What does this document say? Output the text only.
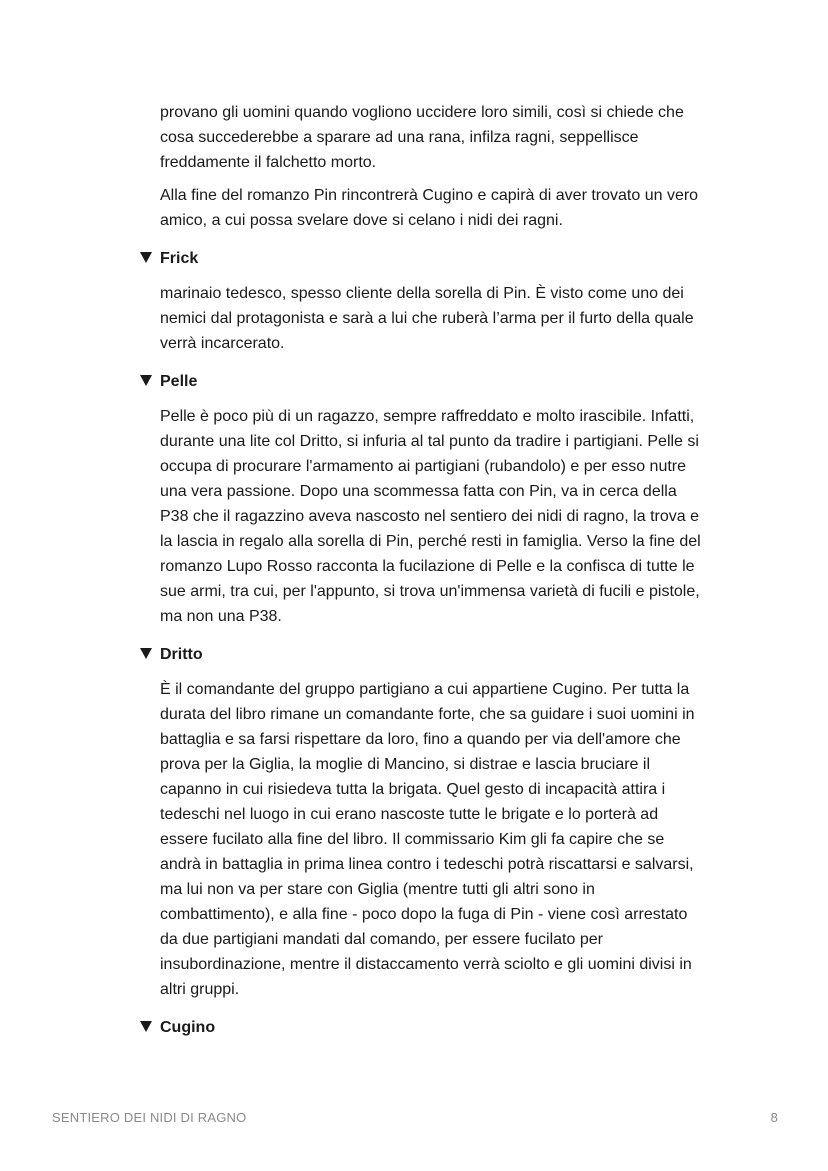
provano gli uomini quando vogliono uccidere loro simili, così si chiede che
cosa succederebbe a sparare ad una rana, infilza ragni, seppellisce
freddamente il falchetto morto.

Alla fine del romanzo Pin rincontrerà Cugino e capirà di aver trovato un vero
amico, a cui possa svelare dove si celano i nidi dei ragni.

Frick

marinaio tedesco, spesso cliente della sorella di Pin. È visto come uno dei
nemici dal protagonista e sarà a lui che ruberà l’arma per il furto della quale
verrà incarcerato.

Pelle

Pelle è poco più di un ragazzo, sempre raffreddato e molto irascibile. Infatti,
durante una lite col Dritto, si infuria al tal punto da tradire i partigiani. Pelle si
occupa di procurare l'armamento ai partigiani (rubandolo) e per esso nutre
una vera passione. Dopo una scommessa fatta con Pin, va in cerca della
P38 che il ragazzino aveva nascosto nel sentiero dei nidi di ragno, la trova e
la lascia in regalo alla sorella di Pin, perché resti in famiglia. Verso la fine del
romanzo Lupo Rosso racconta la fucilazione di Pelle e la confisca di tutte le
sue armi, tra cui, per l'appunto, si trova un'immensa varietà di fucili e pistole,
ma non una P38.

Dritto

È il comandante del gruppo partigiano a cui appartiene Cugino. Per tutta la
durata del libro rimane un comandante forte, che sa guidare i suoi uomini in
battaglia e sa farsi rispettare da loro, fino a quando per via dell'amore che
prova per la Giglia, la moglie di Mancino, si distrae e lascia bruciare il
capanno in cui risiedeva tutta la brigata. Quel gesto di incapacità attira i
tedeschi nel luogo in cui erano nascoste tutte le brigate e lo porterà ad
essere fucilato alla fine del libro. Il commissario Kim gli fa capire che se
andrà in battaglia in prima linea contro i tedeschi potrà riscattarsi e salvarsi,
ma lui non va per stare con Giglia (mentre tutti gli altri sono in
combattimento), e alla fine - poco dopo la fuga di Pin - viene così arrestato
da due partigiani mandati dal comando, per essere fucilato per
insubordinazione, mentre il distaccamento verrà sciolto e gli uomini divisi in
altri gruppi.

Cugino
SENTIERO DEI NIDI DI RAGNO	8
